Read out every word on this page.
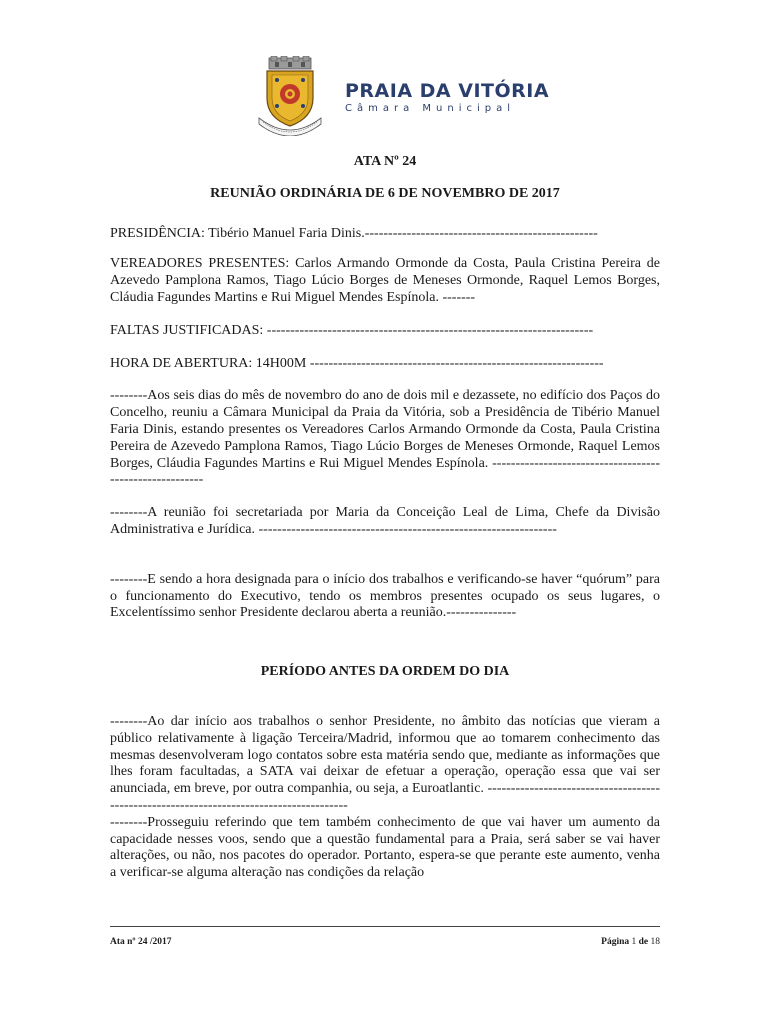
PRAIA DA VITÓRIA
Câmara Municipal
ATA Nº 24
REUNIÃO ORDINÁRIA DE 6 DE NOVEMBRO DE 2017

PRESIDÊNCIA: Tibério Manuel Faria Dinis.--------------------------------------------------

VEREADORES PRESENTES: Carlos Armando Ormonde da Costa, Paula Cristina Pereira de Azevedo Pamplona Ramos, Tiago Lúcio Borges de Meneses Ormonde, Raquel Lemos Borges, Cláudia Fagundes Martins e Rui Miguel Mendes Espínola. -------

FALTAS JUSTIFICADAS: ----------------------------------------------------------------------

HORA DE ABERTURA: 14H00M ---------------------------------------------------------------

--------Aos seis dias do mês de novembro do ano de dois mil e dezassete, no edifício dos Paços do Concelho, reuniu a Câmara Municipal da Praia da Vitória, sob a Presidência de Tibério Manuel Faria Dinis, estando presentes os Vereadores Carlos Armando Ormonde da Costa, Paula Cristina Pereira de Azevedo Pamplona Ramos, Tiago Lúcio Borges de Meneses Ormonde, Raquel Lemos Borges, Cláudia Fagundes Martins e Rui Miguel Mendes Espínola. --------------------------------------------------------

--------A reunião foi secretariada por Maria da Conceição Leal de Lima, Chefe da Divisão Administrativa e Jurídica. ----------------------------------------------------------------

--------E sendo a hora designada para o início dos trabalhos e verificando-se haver “quórum” para o funcionamento do Executivo, tendo os membros presentes ocupado os seus lugares, o Excelentíssimo senhor Presidente declarou aberta a reunião.---------------

PERÍODO ANTES DA ORDEM DO DIA

--------Ao dar início aos trabalhos o senhor Presidente, no âmbito das notícias que vieram a público relativamente à ligação Terceira/Madrid, informou que ao tomarem conhecimento das mesmas desenvolveram logo contatos sobre esta matéria sendo que, mediante as informações que lhes foram facultadas, a SATA vai deixar de efetuar a operação, operação essa que vai ser anunciada, em breve, por outra companhia, ou seja, a Euroatlantic. ----------------------------------------------------------------------------------------

--------Prosseguiu referindo que tem também conhecimento de que vai haver um aumento da capacidade nesses voos, sendo que a questão fundamental para a Praia, será saber se vai haver alterações, ou não, nos pacotes do operador. Portanto, espera-se que perante este aumento, venha a verificar-se alguma alteração nas condições da relação

Ata nº 24 /2017	Página 1 de 18
